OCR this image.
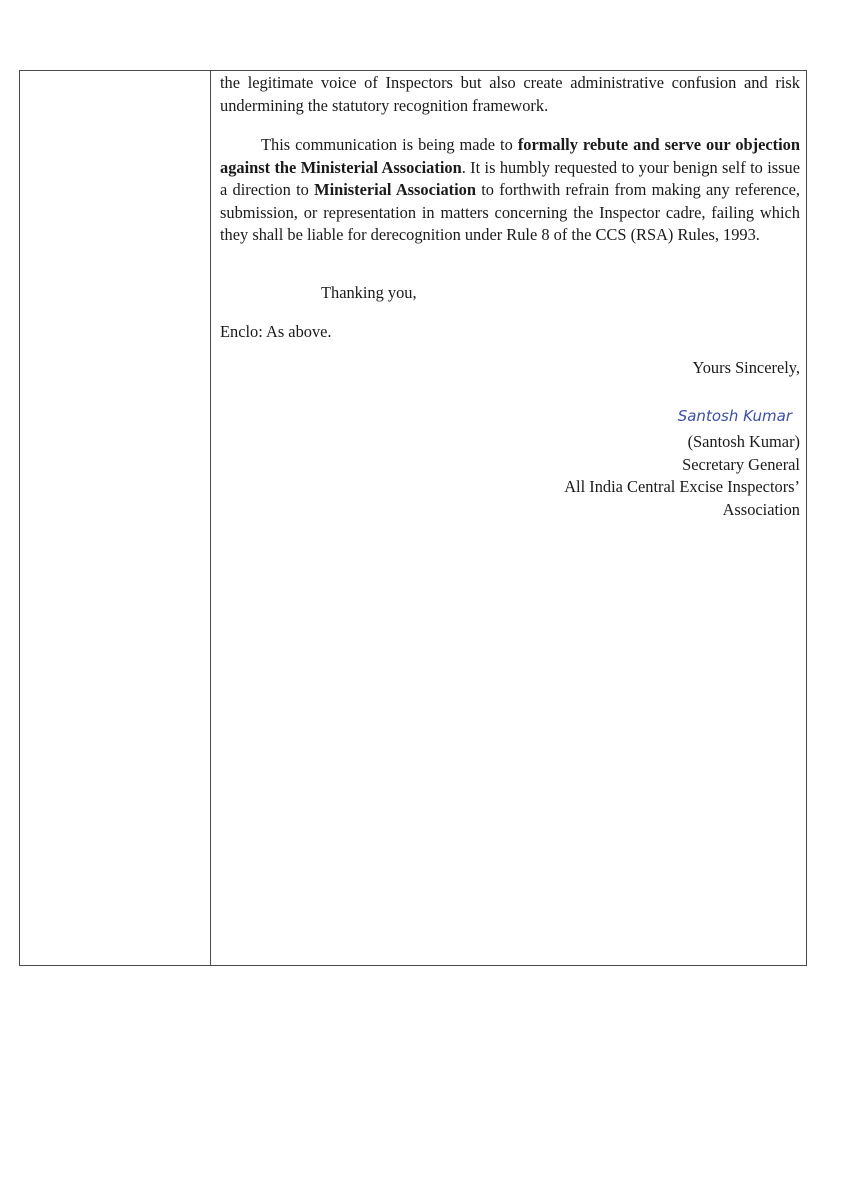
the legitimate voice of Inspectors but also create administrative confusion and risk undermining the statutory recognition framework.

This communication is being made to formally rebute and serve our objection against the Ministerial Association. It is humbly requested to your benign self to issue a direction to Ministerial Association to forthwith refrain from making any reference, submission, or representation in matters concerning the Inspector cadre, failing which they shall be liable for derecognition under Rule 8 of the CCS (RSA) Rules, 1993.

Thanking you,
Enclo: As above.
Yours Sincerely,
Santosh Kumar
(Santosh Kumar)
Secretary General
All India Central Excise Inspectors’
Association
